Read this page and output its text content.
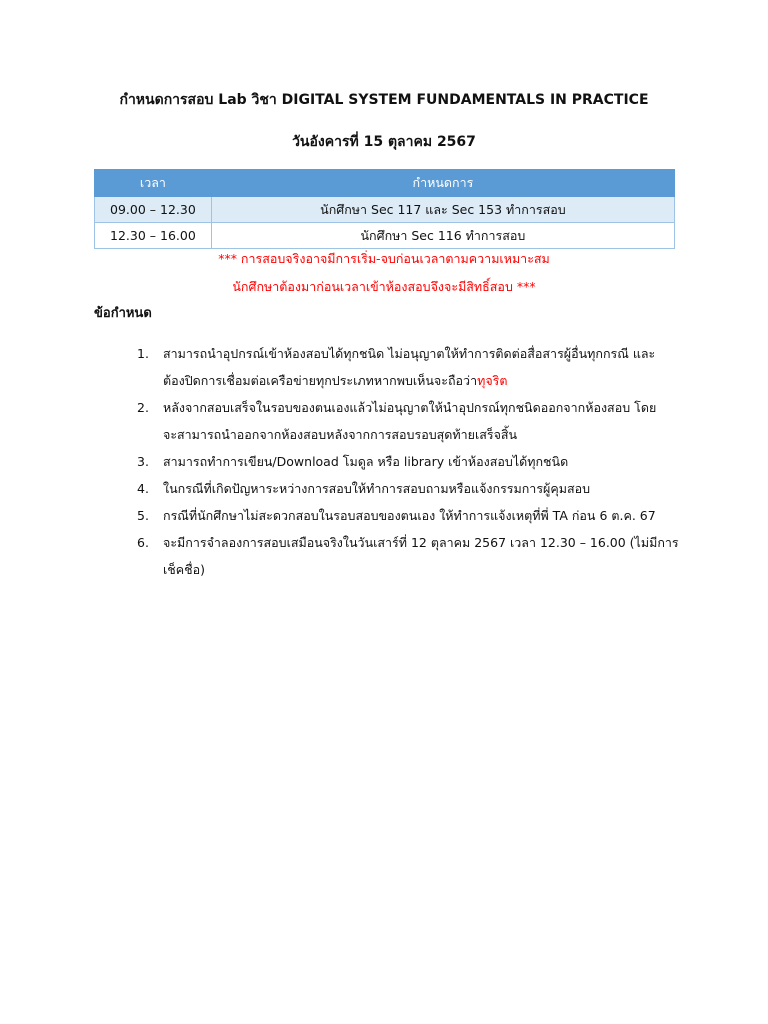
กำหนดการสอบ Lab วิชา DIGITAL SYSTEM FUNDAMENTALS IN PRACTICE
วันอังคารที่ 15 ตุลาคม 2567
เวลา	กำหนดการ
09.00 – 12.30	นักศึกษา Sec 117 และ Sec 153 ทำการสอบ
12.30 – 16.00	นักศึกษา Sec 116 ทำการสอบ
*** การสอบจริงอาจมีการเริ่ม-จบก่อนเวลาตามความเหมาะสม
นักศึกษาต้องมาก่อนเวลาเข้าห้องสอบจึงจะมีสิทธิ์สอบ ***
ข้อกำหนด
1. สามารถนำอุปกรณ์เข้าห้องสอบได้ทุกชนิด ไม่อนุญาตให้ทำการติดต่อสื่อสารผู้อื่นทุกกรณี และ
ต้องปิดการเชื่อมต่อเครือข่ายทุกประเภทหากพบเห็นจะถือว่าทุจริต
2. หลังจากสอบเสร็จในรอบของตนเองแล้วไม่อนุญาตให้นำอุปกรณ์ทุกชนิดออกจากห้องสอบ โดย
จะสามารถนำออกจากห้องสอบหลังจากการสอบรอบสุดท้ายเสร็จสิ้น
3. สามารถทำการเขียน/Download โมดูล หรือ library เข้าห้องสอบได้ทุกชนิด
4. ในกรณีที่เกิดปัญหาระหว่างการสอบให้ทำการสอบถามหรือแจ้งกรรมการผู้คุมสอบ
5. กรณีที่นักศึกษาไม่สะดวกสอบในรอบสอบของตนเอง ให้ทำการแจ้งเหตุที่พี่ TA ก่อน 6 ต.ค. 67
6. จะมีการจำลองการสอบเสมือนจริงในวันเสาร์ที่ 12 ตุลาคม 2567 เวลา 12.30 – 16.00 (ไม่มีการ
เช็คชื่อ)
